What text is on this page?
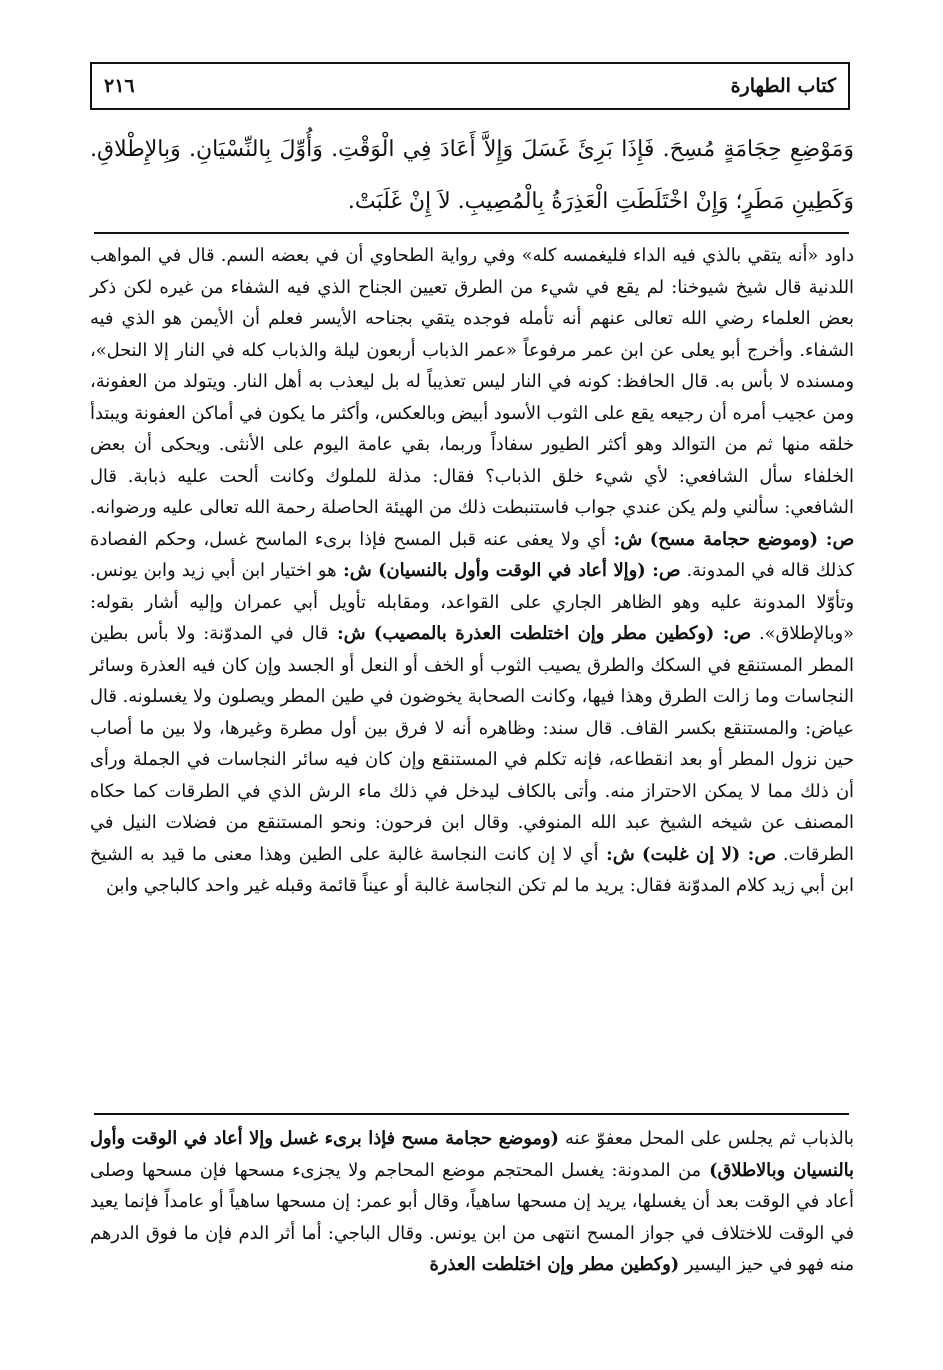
كتاب الطهارة
٢١٦
وَمَوْضِعِ حِجَامَةٍ مُسِحَ. فَإِذَا بَرِئَ غَسَلَ وَإِلاَّ أَعَادَ فِي الْوَقْتِ. وَأُوِّلَ بِالنِّسْيَانِ. وَبِالإِطْلاقِ. وَكَطِينِ مَطَرٍ؛ وَإِنْ اخْتَلَطَتِ الْعَذِرَةُ بِالْمُصِيبِ. لاَ إِنْ غَلَبَتْ.
داود «أنه يتقي بالذي فيه الداء فليغمسه كله» وفي رواية الطحاوي أن في بعضه السم. قال في المواهب اللدنية قال شيخ شيوخنا: لم يقع في شيء من الطرق تعيين الجناح الذي فيه الشفاء من غيره لكن ذكر بعض العلماء رضي الله تعالى عنهم أنه تأمله فوجده يتقي بجناحه الأيسر فعلم أن الأيمن هو الذي فيه الشفاء. وأخرج أبو يعلى عن ابن عمر مرفوعاً «عمر الذباب أربعون ليلة والذباب كله في النار إلا النحل»، ومسنده لا بأس به. قال الحافظ: كونه في النار ليس تعذيباً له بل ليعذب به أهل النار. ويتولد من العفونة، ومن عجيب أمره أن رجيعه يقع على الثوب الأسود أبيض وبالعكس، وأكثر ما يكون في أماكن العفونة ويبتدأ خلقه منها ثم من التوالد وهو أكثر الطيور سفاداً وربما، بقي عامة اليوم على الأنثى. ويحكى أن بعض الخلفاء سأل الشافعي: لأي شيء خلق الذباب؟ فقال: مذلة للملوك وكانت ألحت عليه ذبابة. قال الشافعي: سألني ولم يكن عندي جواب فاستنبطت ذلك من الهيئة الحاصلة رحمة الله تعالى عليه ورضوانه. ص: (وموضع حجامة مسح) ش: أي ولا يعفى عنه قبل المسح فإذا برىء الماسح غسل، وحكم الفصادة كذلك قاله في المدونة. ص: (وإلا أعاد في الوقت وأول بالنسيان) ش: هو اختيار ابن أبي زيد وابن يونس. وتأوّلا المدونة عليه وهو الظاهر الجاري على القواعد، ومقابله تأويل أبي عمران وإليه أشار بقوله: «وبالإطلاق». ص: (وكطين مطر وإن اختلطت العذرة بالمصيب) ش: قال في المدوّنة: ولا بأس بطين المطر المستنقع في السكك والطرق يصيب الثوب أو الخف أو النعل أو الجسد وإن كان فيه العذرة وسائر النجاسات وما زالت الطرق وهذا فيها، وكانت الصحابة يخوضون في طين المطر ويصلون ولا يغسلونه. قال عياض: والمستنقع بكسر القاف. قال سند: وظاهره أنه لا فرق بين أول مطرة وغيرها، ولا بين ما أصاب حين نزول المطر أو بعد انقطاعه، فإنه تكلم في المستنقع وإن كان فيه سائر النجاسات في الجملة ورأى أن ذلك مما لا يمكن الاحتراز منه. وأتى بالكاف ليدخل في ذلك ماء الرش الذي في الطرقات كما حكاه المصنف عن شيخه الشيخ عبد الله المنوفي. وقال ابن فرحون: ونحو المستنقع من فضلات النيل في الطرقات. ص: (لا إن غلبت) ش: أي لا إن كانت النجاسة غالبة على الطين وهذا معنى ما قيد به الشيخ ابن أبي زيد كلام المدوّنة فقال: يريد ما لم تكن النجاسة غالبة أو عيناً قائمة وقبله غير واحد كالباجي وابن
بالذباب ثم يجلس على المحل معفوّ عنه (وموضع حجامة مسح فإذا برىء غسل وإلا أعاد في الوقت وأول بالنسيان وبالاطلاق) من المدونة: يغسل المحتجم موضع المحاجم ولا يجزىء مسحها فإن مسحها وصلى أعاد في الوقت بعد أن يغسلها، يريد إن مسحها ساهياً، وقال أبو عمر: إن مسحها ساهياً أو عامداً فإنما يعيد في الوقت للاختلاف في جواز المسح انتهى من ابن يونس. وقال الباجي: أما أثر الدم فإن ما فوق الدرهم منه فهو في حيز اليسير (وكطين مطر وإن اختلطت العذرة
